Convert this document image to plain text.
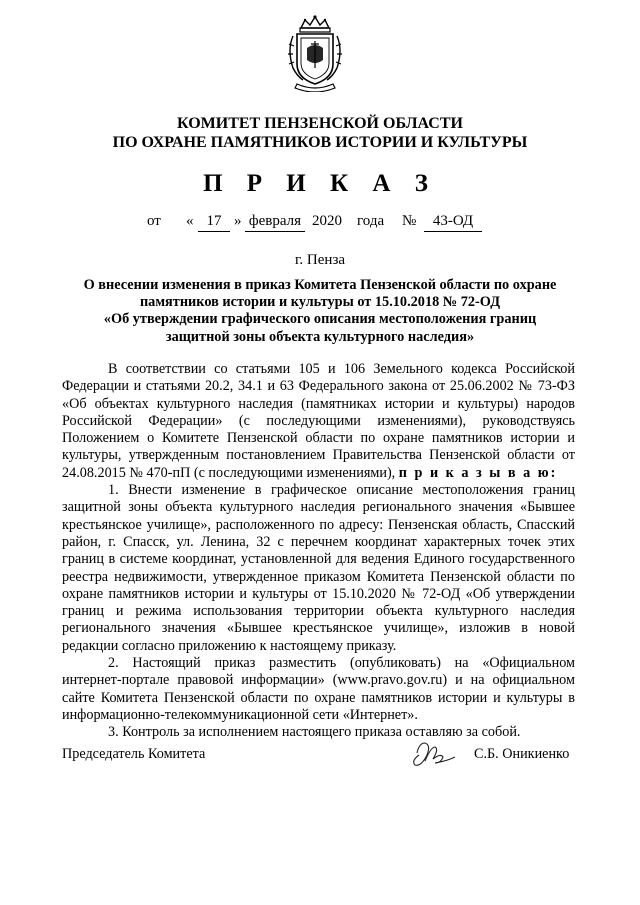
КОМИТЕТ ПЕНЗЕНСКОЙ ОБЛАСТИ
ПО ОХРАНЕ ПАМЯТНИКОВ ИСТОРИИ И КУЛЬТУРЫ
П Р И К А З
от « 17 » февраля 2020 года №	43-ОД
г. Пенза
О внесении изменения в приказ Комитета Пензенской области по охране
памятников истории и культуры от 15.10.2018 № 72-ОД
«Об утверждении графического описания местоположения границ
защитной зоны объекта культурного наследия»

В соответствии со статьями 105 и 106 Земельного кодекса Российской Федерации и статьями 20.2, 34.1 и 63 Федерального закона от 25.06.2002 № 73-ФЗ «Об объектах культурного наследия (памятниках истории и культуры) народов Российской Федерации» (с последующими изменениями), руководствуясь Положением о Комитете Пензенской области по охране памятников истории и культуры, утвержденным постановлением Правительства Пензенской области от 24.08.2015 № 470-пП (с последующими изменениями), п р и к а з ы в а ю:

1. Внести изменение в графическое описание местоположения границ защитной зоны объекта культурного наследия регионального значения «Бывшее крестьянское училище», расположенного по адресу: Пензенская область, Спасский район, г. Спасск, ул. Ленина, 32 с перечнем координат характерных точек этих границ в системе координат, установленной для ведения Единого государственного реестра недвижимости, утвержденное приказом Комитета Пензенской области по охране памятников истории и культуры от 15.10.2020 № 72-ОД «Об утверждении границ и режима использования территории объекта культурного наследия регионального значения «Бывшее крестьянское училище», изложив в новой редакции согласно приложению к настоящему приказу.

2. Настоящий приказ разместить (опубликовать) на «Официальном интернет-портале правовой информации» (www.pravo.gov.ru) и на официальном сайте Комитета Пензенской области по охране памятников истории и культуры в информационно-телекоммуникационной сети «Интернет».

3. Контроль за исполнением настоящего приказа оставляю за собой.

Председатель Комитета	С.Б. Оникиенко
